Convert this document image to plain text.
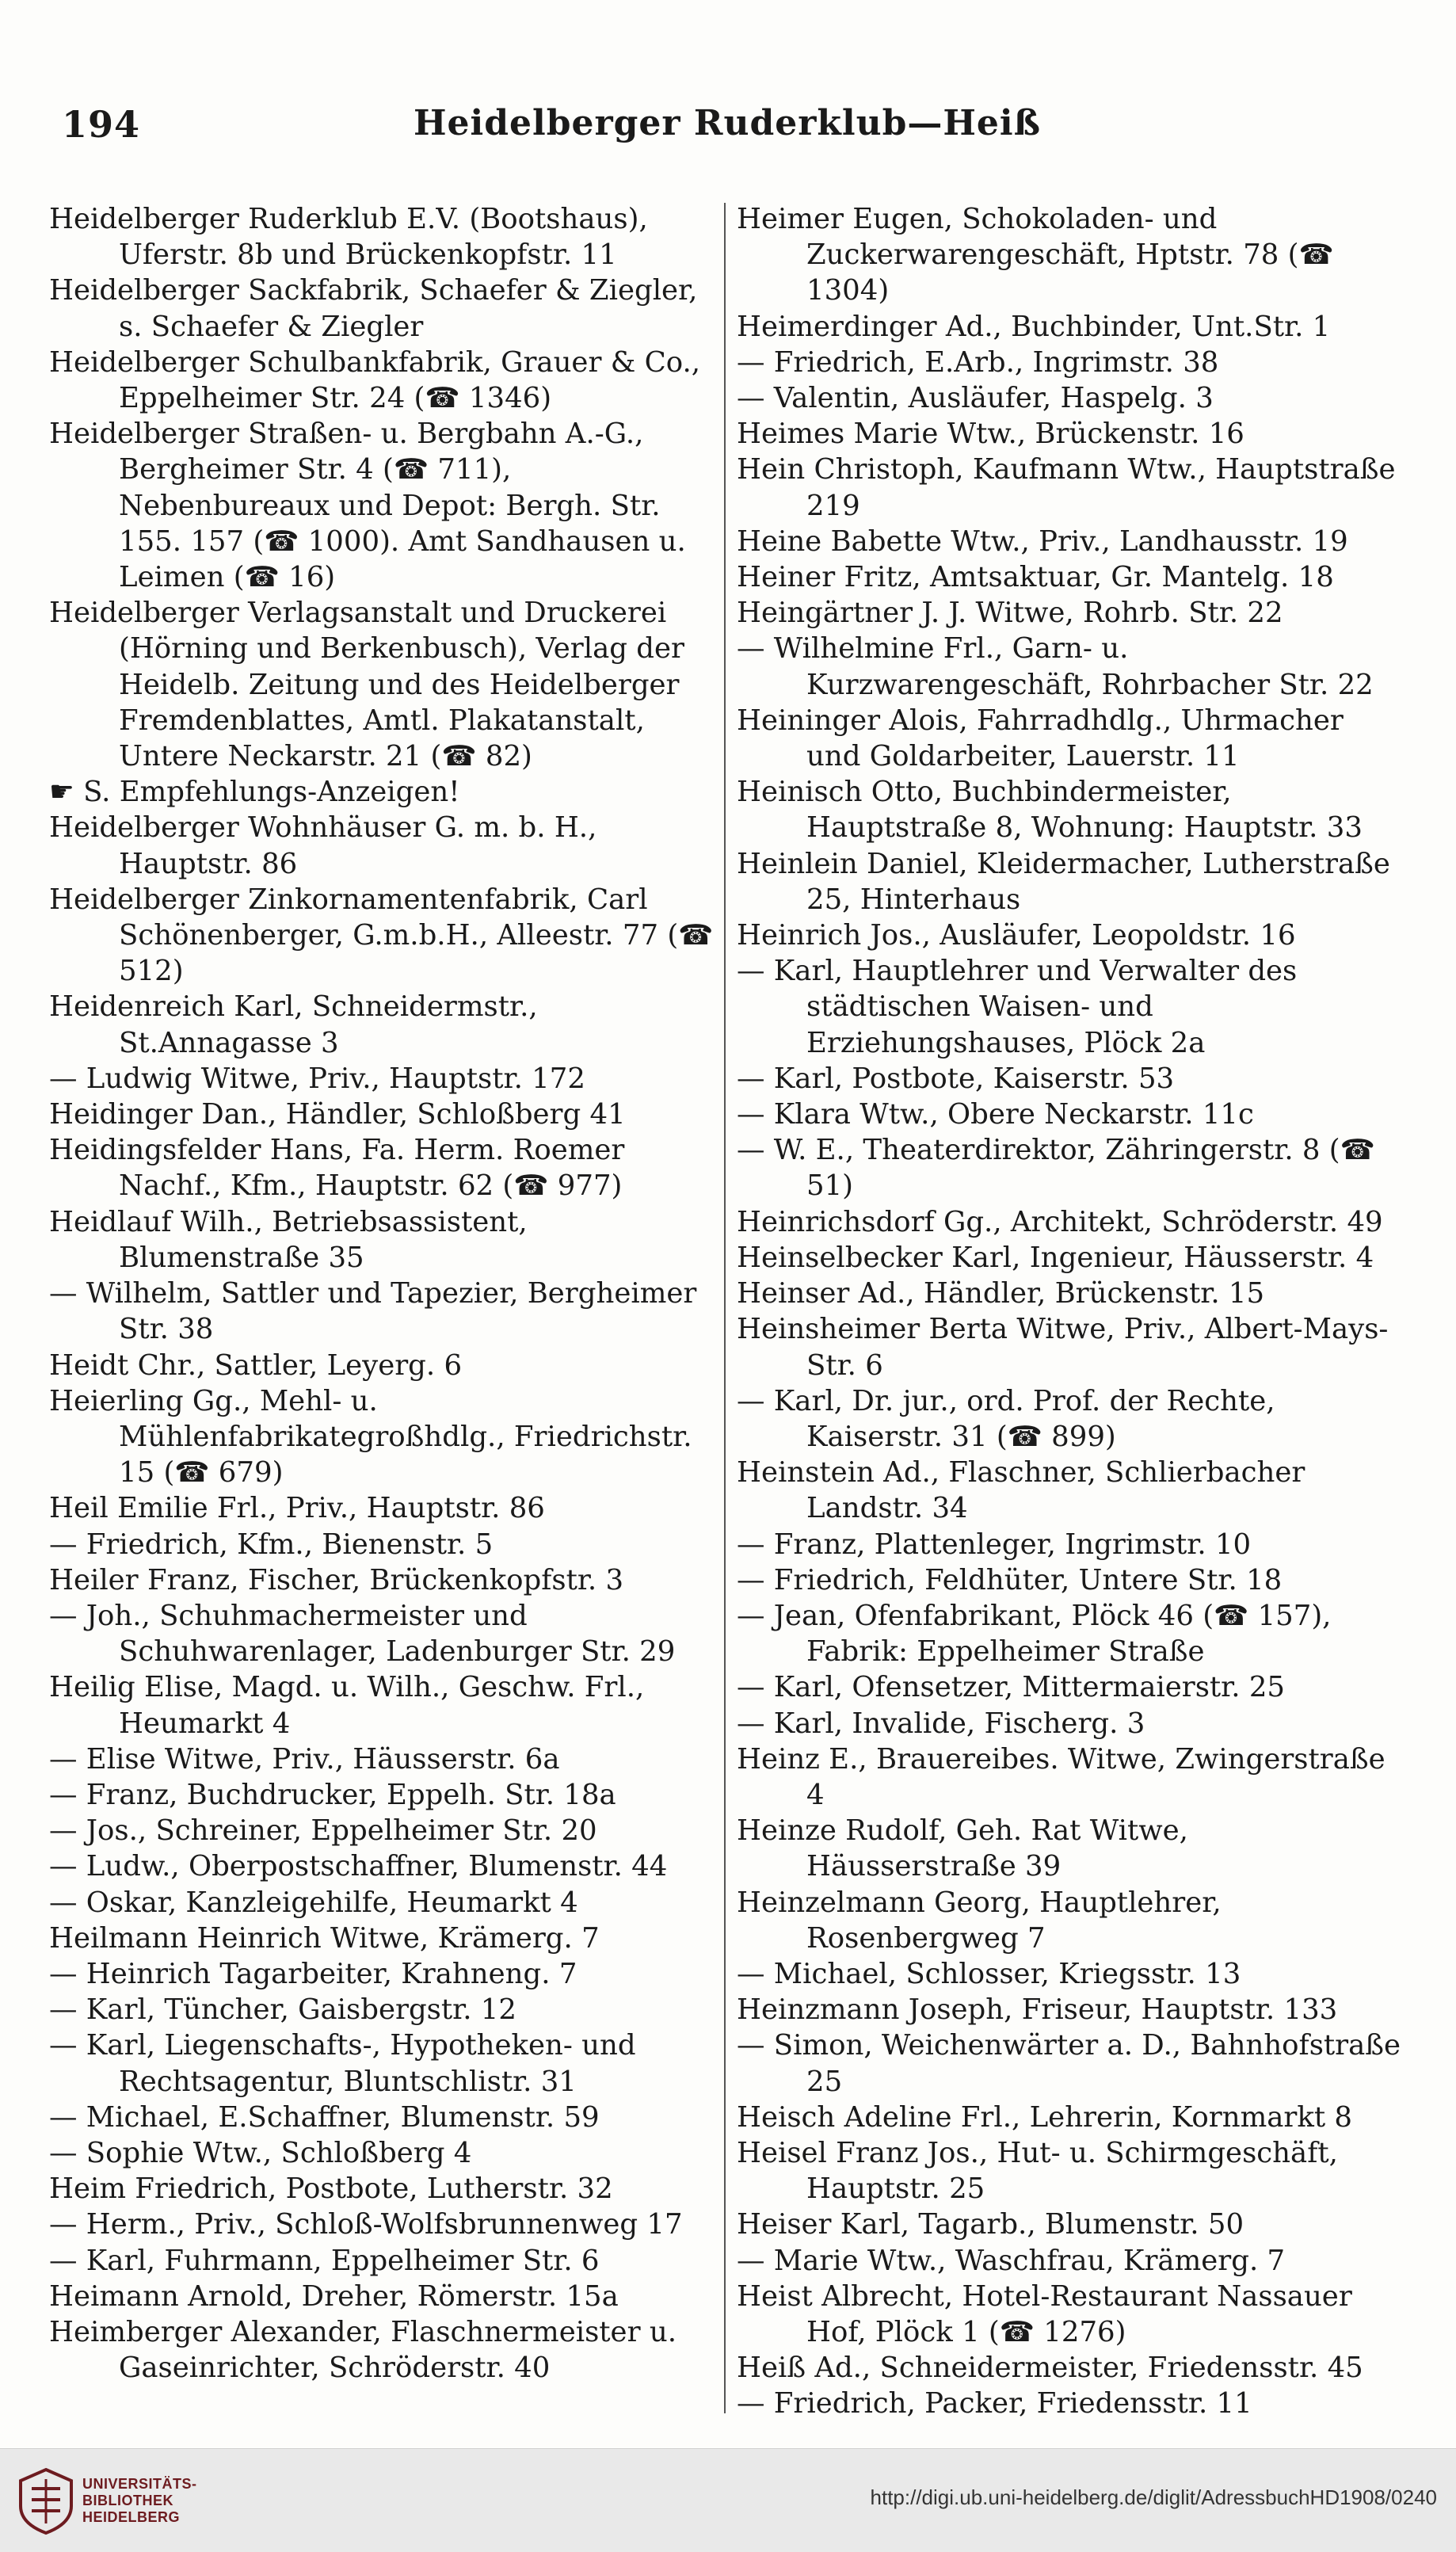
194	Heidelberger Ruderklub—Heiß

Heidelberger Ruderklub E.V. (Bootshaus), Uferstr. 8b und Brückenkopfstr. 11

Heidelberger Sackfabrik, Schaefer & Ziegler, s. Schaefer & Ziegler

Heidelberger Schulbankfabrik, Grauer & Co., Eppelheimer Str. 24 (☎ 1346)

Heidelberger Straßen- u. Bergbahn A.-G., Bergheimer Str. 4 (☎ 711), Nebenbureaux und Depot: Bergh. Str. 155. 157 (☎ 1000). Amt Sandhausen u. Leimen (☎ 16)

Heidelberger Verlagsanstalt und Druckerei (Hörning und Berkenbusch), Verlag der Heidelb. Zeitung und des Heidelberger Fremdenblattes, Amtl. Plakatanstalt, Untere Neckarstr. 21 (☎ 82)

☛ S. Empfehlungs-Anzeigen!

Heidelberger Wohnhäuser G. m. b. H., Hauptstr. 86

Heidelberger Zinkornamentenfabrik, Carl Schönenberger, G.m.b.H., Alleestr. 77 (☎ 512)

Heidenreich Karl, Schneidermstr., St.Annagasse 3

— Ludwig Witwe, Priv., Hauptstr. 172

Heidinger Dan., Händler, Schloßberg 41

Heidingsfelder Hans, Fa. Herm. Roemer Nachf., Kfm., Hauptstr. 62 (☎ 977)

Heidlauf Wilh., Betriebsassistent, Blumenstraße 35

— Wilhelm, Sattler und Tapezier, Bergheimer Str. 38

Heidt Chr., Sattler, Leyerg. 6

Heierling Gg., Mehl- u. Mühlenfabrikategroßhdlg., Friedrichstr. 15 (☎ 679)

Heil Emilie Frl., Priv., Hauptstr. 86

— Friedrich, Kfm., Bienenstr. 5

Heiler Franz, Fischer, Brückenkopfstr. 3

— Joh., Schuhmachermeister und Schuhwarenlager, Ladenburger Str. 29

Heilig Elise, Magd. u. Wilh., Geschw. Frl., Heumarkt 4

— Elise Witwe, Priv., Häusserstr. 6a

— Franz, Buchdrucker, Eppelh. Str. 18a

— Jos., Schreiner, Eppelheimer Str. 20

— Ludw., Oberpostschaffner, Blumenstr. 44

— Oskar, Kanzleigehilfe, Heumarkt 4

Heilmann Heinrich Witwe, Krämerg. 7

— Heinrich Tagarbeiter, Krahneng. 7

— Karl, Tüncher, Gaisbergstr. 12

— Karl, Liegenschafts-, Hypotheken- und Rechtsagentur, Bluntschlistr. 31

— Michael, E.Schaffner, Blumenstr. 59

— Sophie Wtw., Schloßberg 4

Heim Friedrich, Postbote, Lutherstr. 32

— Herm., Priv., Schloß-Wolfsbrunnenweg 17

— Karl, Fuhrmann, Eppelheimer Str. 6

Heimann Arnold, Dreher, Römerstr. 15a

Heimberger Alexander, Flaschnermeister u. Gaseinrichter, Schröderstr. 40

Heimer Eugen, Schokoladen- und Zuckerwarengeschäft, Hptstr. 78 (☎ 1304)

Heimerdinger Ad., Buchbinder, Unt.Str. 1

— Friedrich, E.Arb., Ingrimstr. 38

— Valentin, Ausläufer, Haspelg. 3

Heimes Marie Wtw., Brückenstr. 16

Hein Christoph, Kaufmann Wtw., Hauptstraße 219

Heine Babette Wtw., Priv., Landhausstr. 19

Heiner Fritz, Amtsaktuar, Gr. Mantelg. 18

Heingärtner J. J. Witwe, Rohrb. Str. 22

— Wilhelmine Frl., Garn- u. Kurzwarengeschäft, Rohrbacher Str. 22

Heininger Alois, Fahrradhdlg., Uhrmacher und Goldarbeiter, Lauerstr. 11

Heinisch Otto, Buchbindermeister, Hauptstraße 8, Wohnung: Hauptstr. 33

Heinlein Daniel, Kleidermacher, Lutherstraße 25, Hinterhaus

Heinrich Jos., Ausläufer, Leopoldstr. 16

— Karl, Hauptlehrer und Verwalter des städtischen Waisen- und Erziehungshauses, Plöck 2a

— Karl, Postbote, Kaiserstr. 53

— Klara Wtw., Obere Neckarstr. 11c

— W. E., Theaterdirektor, Zähringerstr. 8 (☎ 51)

Heinrichsdorf Gg., Architekt, Schröderstr. 49

Heinselbecker Karl, Ingenieur, Häusserstr. 4

Heinser Ad., Händler, Brückenstr. 15

Heinsheimer Berta Witwe, Priv., Albert-Mays-Str. 6

— Karl, Dr. jur., ord. Prof. der Rechte, Kaiserstr. 31 (☎ 899)

Heinstein Ad., Flaschner, Schlierbacher Landstr. 34

— Franz, Plattenleger, Ingrimstr. 10

— Friedrich, Feldhüter, Untere Str. 18

— Jean, Ofenfabrikant, Plöck 46 (☎ 157), Fabrik: Eppelheimer Straße

— Karl, Ofensetzer, Mittermaierstr. 25

— Karl, Invalide, Fischerg. 3

Heinz E., Brauereibes. Witwe, Zwingerstraße 4

Heinze Rudolf, Geh. Rat Witwe, Häusserstraße 39

Heinzelmann Georg, Hauptlehrer, Rosenbergweg 7

— Michael, Schlosser, Kriegsstr. 13

Heinzmann Joseph, Friseur, Hauptstr. 133

— Simon, Weichenwärter a. D., Bahnhofstraße 25

Heisch Adeline Frl., Lehrerin, Kornmarkt 8

Heisel Franz Jos., Hut- u. Schirmgeschäft, Hauptstr. 25

Heiser Karl, Tagarb., Blumenstr. 50

— Marie Wtw., Waschfrau, Krämerg. 7

Heist Albrecht, Hotel-Restaurant Nassauer Hof, Plöck 1 (☎ 1276)

Heiß Ad., Schneidermeister, Friedensstr. 45

— Friedrich, Packer, Friedensstr. 11

UNIVERSITÄTS-
BIBLIOTHEK
HEIDELBERG
http://digi.ub.uni-heidelberg.de/diglit/AdressbuchHD1908/0240
